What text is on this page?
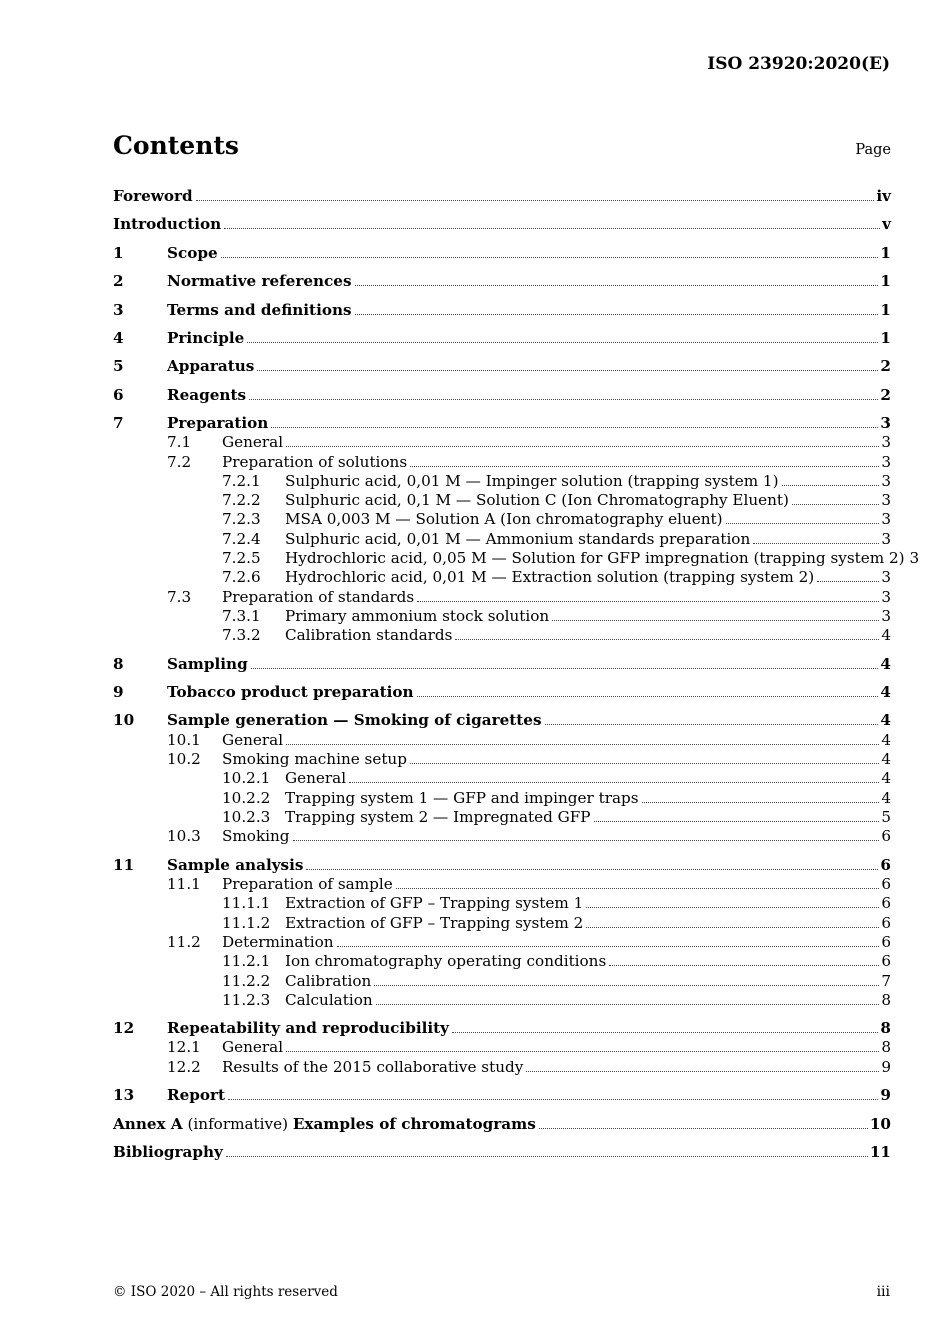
ISO 23920:2020(E)
Contents	Page
Foreword	iv
Introduction	v
1	Scope	1
2	Normative references	1
3	Terms and definitions	1
4	Principle	1
5	Apparatus	2
6	Reagents	2
7	Preparation	3
7.1 General	3
7.2 Preparation of solutions	3
7.2.1 Sulphuric acid, 0,01 M — Impinger solution (trapping system 1)	3
7.2.2 Sulphuric acid, 0,1 M — Solution C (Ion Chromatography Eluent)	3
7.2.3 MSA 0,003 M — Solution A (Ion chromatography eluent)	3
7.2.4 Sulphuric acid, 0,01 M — Ammonium standards preparation	3
7.2.5 Hydrochloric acid, 0,05 M — Solution for GFP impregnation (trapping system 2) 3
7.2.6 Hydrochloric acid, 0,01 M — Extraction solution (trapping system 2)	3
7.3 Preparation of standards	3
7.3.1 Primary ammonium stock solution	3
7.3.2 Calibration standards	4
8	Sampling	4
9	Tobacco product preparation	4
10 Sample generation — Smoking of cigarettes	4
10.1 General	4
10.2 Smoking machine setup	4
10.2.1 General	4
10.2.2 Trapping system 1 — GFP and impinger traps	4
10.2.3 Trapping system 2 — Impregnated GFP	5
10.3 Smoking	6
11 Sample analysis	6
11.1 Preparation of sample	6
11.1.1 Extraction of GFP – Trapping system 1	6
11.1.2 Extraction of GFP – Trapping system 2	6
11.2 Determination	6
11.2.1 Ion chromatography operating conditions	6
11.2.2 Calibration	7
11.2.3 Calculation	8
12 Repeatability and reproducibility	8
12.1 General	8
12.2 Results of the 2015 collaborative study	9
13 Report	9
Annex A (informative) Examples of chromatograms	10
Bibliography	11
© ISO 2020 – All rights reserved	iii
